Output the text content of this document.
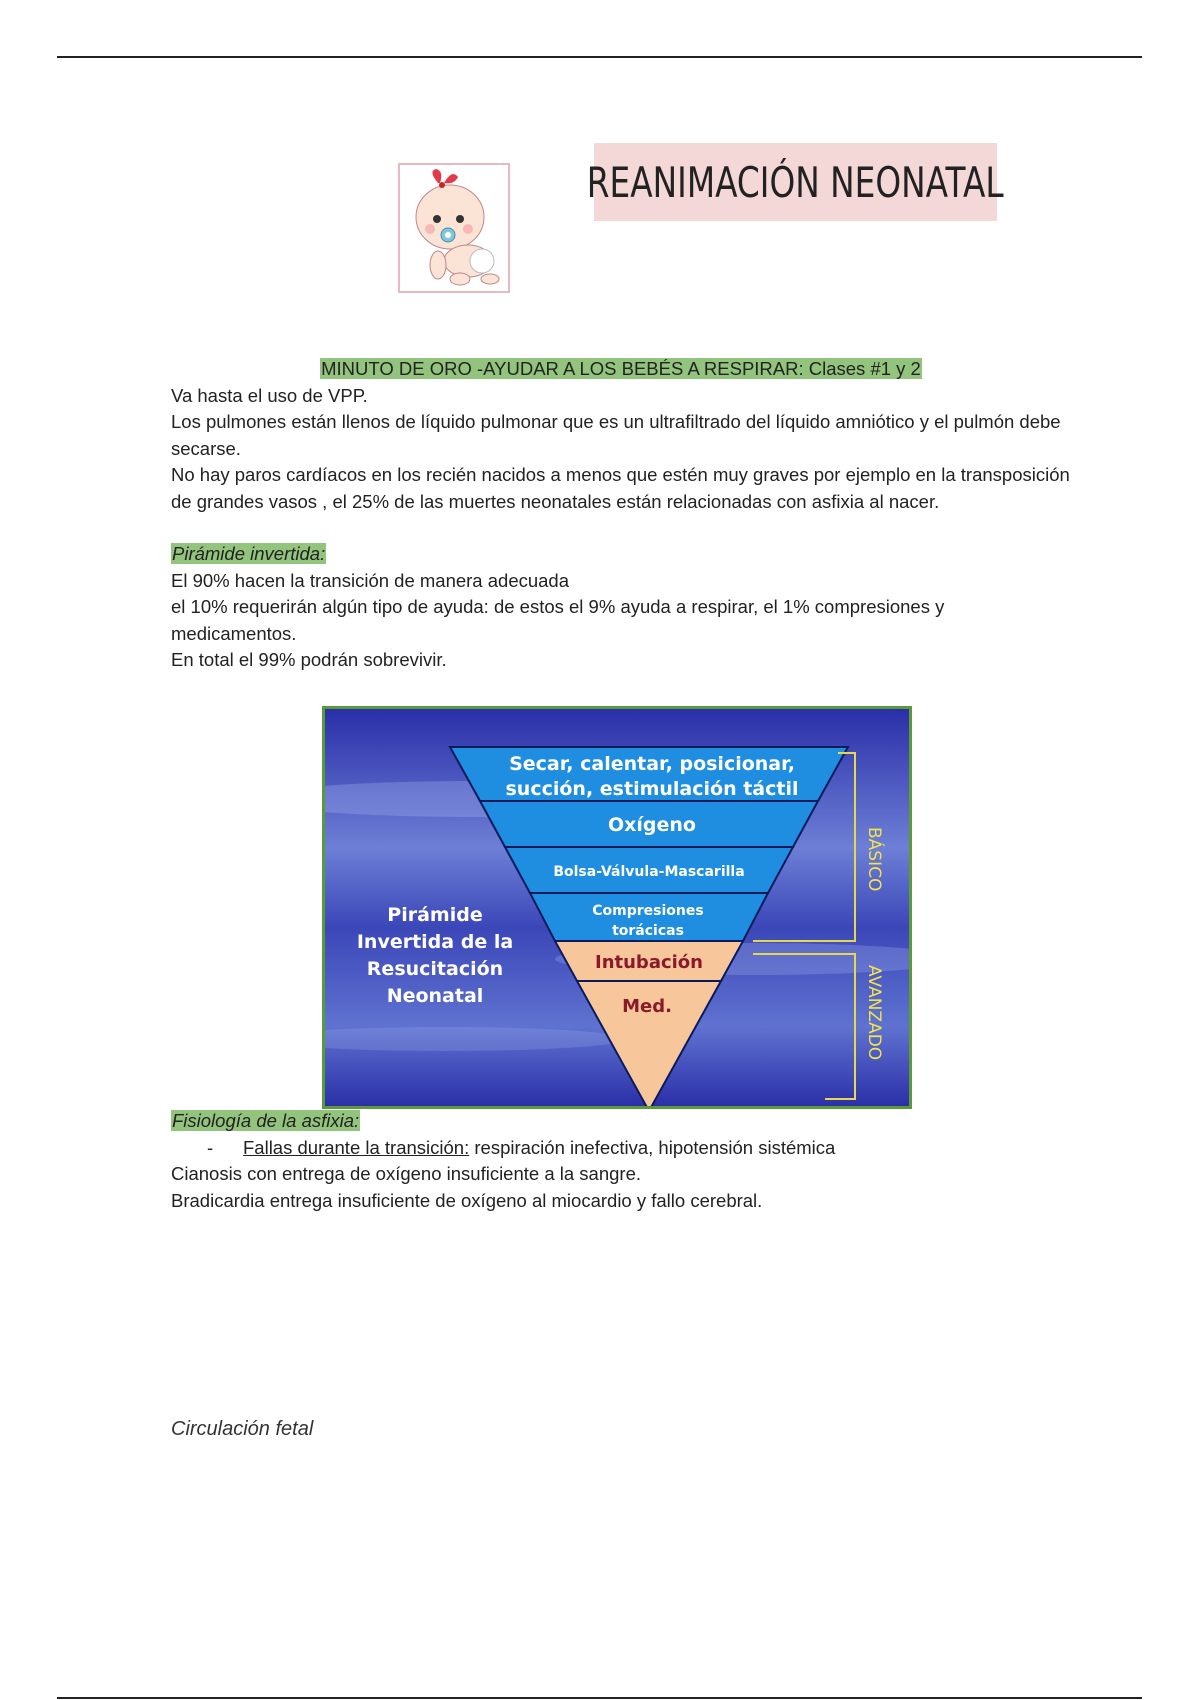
REANIMACIÓN NEONATAL

MINUTO DE ORO -AYUDAR A LOS BEBÉS A RESPIRAR: Clases #1 y 2

Va hasta el uso de VPP.

Los pulmones están llenos de líquido pulmonar que es un ultrafiltrado del líquido amniótico y el pulmón debe secarse.

No hay paros cardíacos en los recién nacidos a menos que estén muy graves por ejemplo en la transposición de grandes vasos , el 25% de las muertes neonatales están relacionadas con asfixia al nacer.

Pirámide invertida:

El 90% hacen la transición de manera adecuada

el 10% requerirán algún tipo de ayuda: de estos el 9% ayuda a respirar, el 1% compresiones y medicamentos.

En total el 99% podrán sobrevivir.

Secar, calentar, posicionar,
succión, estimulación táctil
Oxígeno
Bolsa-Válvula-Mascarilla
Compresiones
torácicas
Intubación
Med.
Pirámide
Invertida de la
Resucitación
Neonatal
BÁSICO
AVANZADO

Fisiología de la asfixia:

- Fallas durante la transición: respiración inefectiva, hipotensión sistémica

Cianosis con entrega de oxígeno insuficiente a la sangre.

Bradicardia entrega insuficiente de oxígeno al miocardio y fallo cerebral.

Circulación fetal
